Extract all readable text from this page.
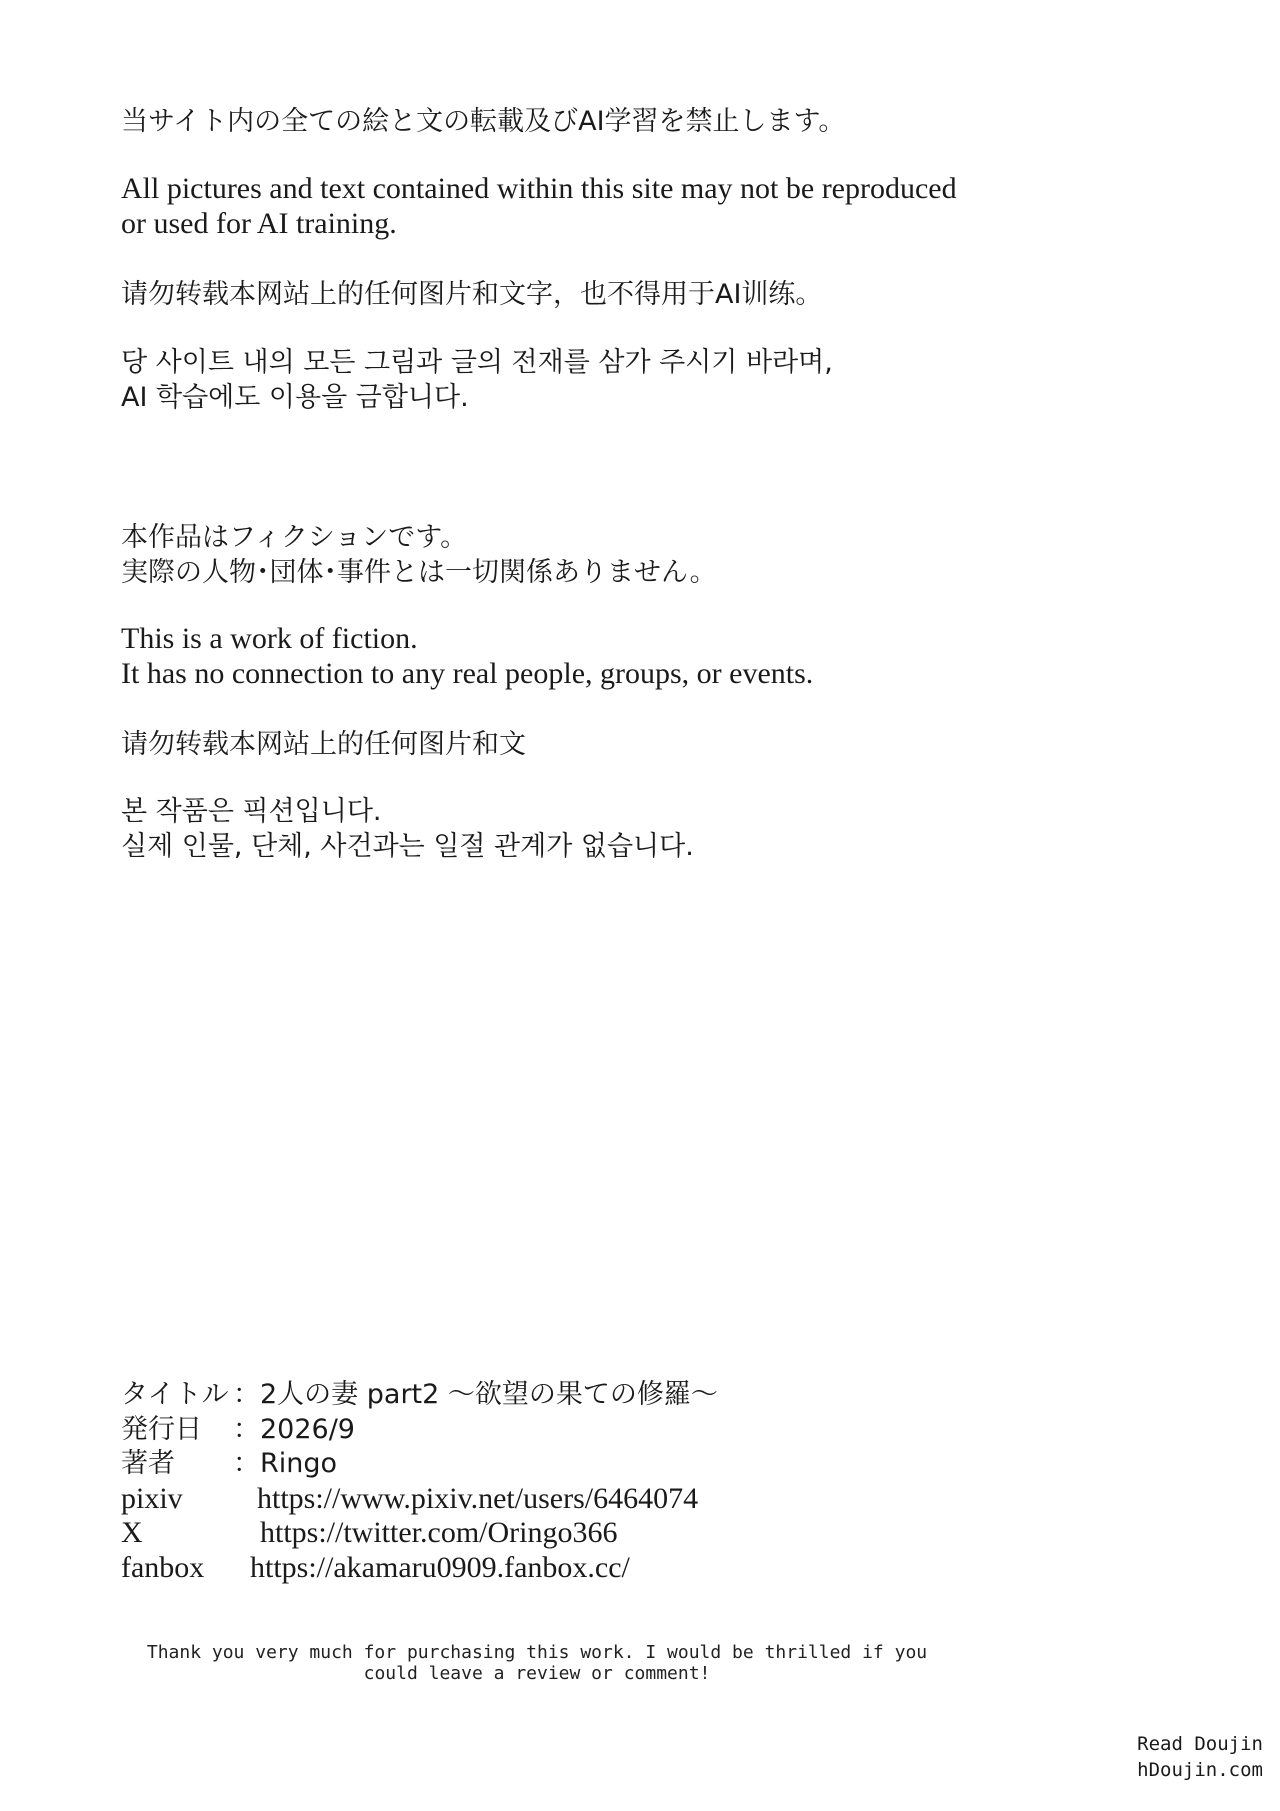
当サイト内の全ての絵と文の転載及びAI学習を禁止します。

All pictures and text contained within this site may not be reproduced
or used for AI training.

请勿转载本网站上的任何图片和文字，也不得用于AI训练。

당 사이트 내의 모든 그림과 글의 전재를 삼가 주시기 바라며,
AI 학습에도 이용을 금합니다.

本作品はフィクションです。
実際の人物･団体･事件とは一切関係ありません。

This is a work of fiction.
It has no connection to any real people, groups, or events.

请勿转载本网站上的任何图片和文

본 작품은 픽션입니다.
실제 인물, 단체, 사건과는 일절 관계가 없습니다.

タイトル ：2人の妻 part2 ～欲望の果ての修羅～
発行日 ：2026/9
著者 ：Ringo
pixiv https://www.pixiv.net/users/6464074
X	https://twitter.com/Oringo366
fanbox https://akamaru0909.fanbox.cc/
Thank you very much for purchasing this work. I would be thrilled if you
could leave a review or comment!
Read Doujin
hDoujin.com
